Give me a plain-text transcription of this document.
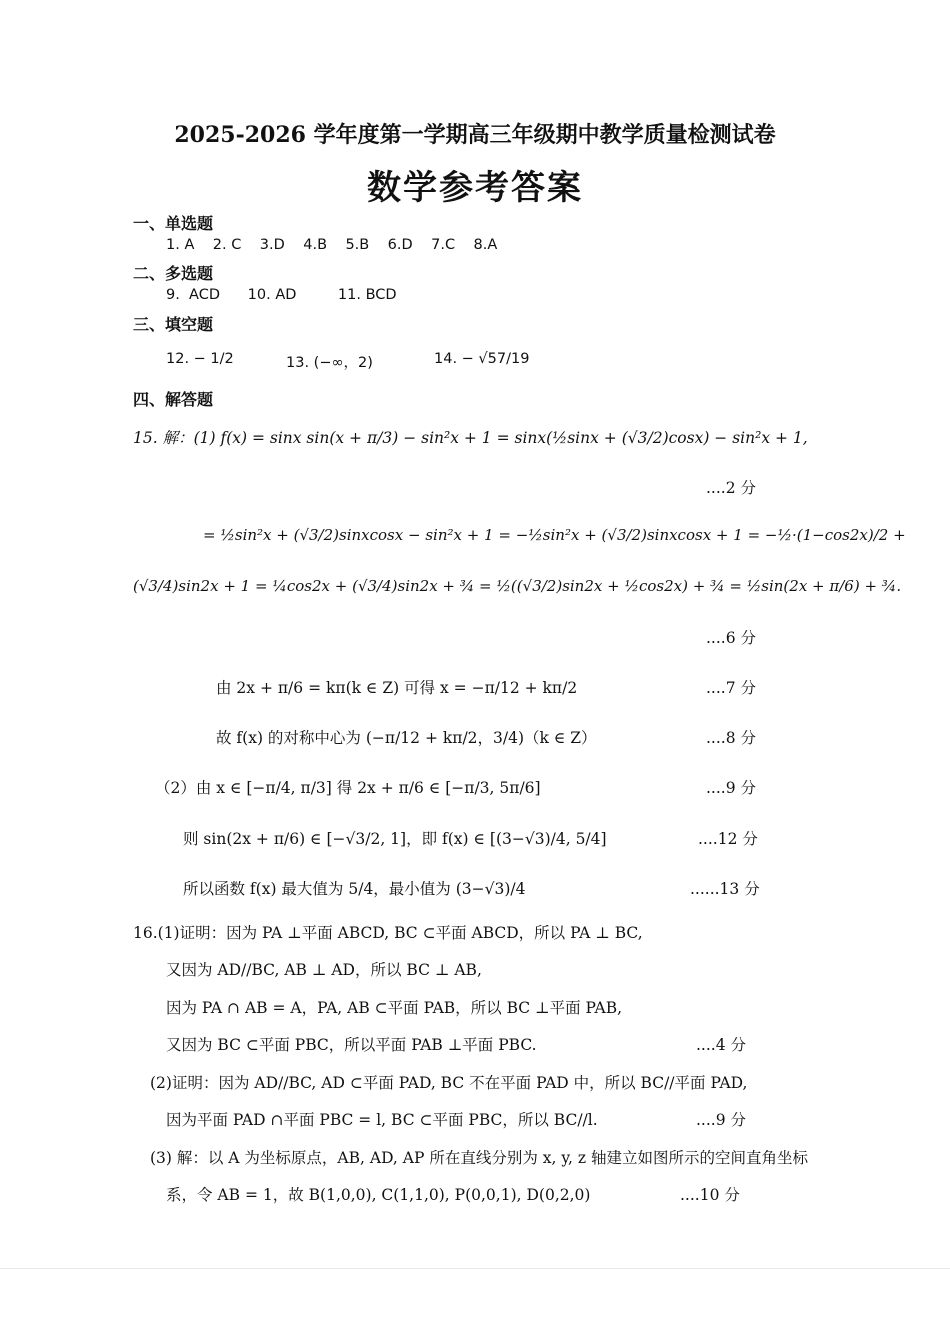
2025-2026 学年度第一学期高三年级期中教学质量检测试卷
数学参考答案
一、单选题
1. A    2. C    3.D    4.B    5.B    6.D    7.C    8.A
二、多选题
9.  ACD      10. AD         11. BCD
三、填空题
12. − 1/2	13. (−∞，2)	14. − √57/19
四、解答题
15. 解：(1) f(x) = sinx sin(x + π/3) − sin²x + 1 = sinx(½sinx + (√3/2)cosx) − sin²x + 1,
....2 分
= ½sin²x + (√3/2)sinxcosx − sin²x + 1 = −½sin²x + (√3/2)sinxcosx + 1 = −½·(1−cos2x)/2 +
(√3/4)sin2x + 1 = ¼cos2x + (√3/4)sin2x + ¾ = ½((√3/2)sin2x + ½cos2x) + ¾ = ½sin(2x + π/6) + ¾.
....6 分
由 2x + π/6 = kπ(k ∈ Z) 可得 x = −π/12 + kπ/2	....7 分
故 f(x) 的对称中心为 (−π/12 + kπ/2，3/4)（k ∈ Z）	....8 分
（2）由 x ∈ [−π/4, π/3] 得 2x + π/6 ∈ [−π/3, 5π/6]	....9 分
则 sin(2x + π/6) ∈ [−√3/2, 1]，即 f(x) ∈ [(3−√3)/4, 5/4]	....12 分
所以函数 f(x) 最大值为 5/4，最小值为 (3−√3)/4	......13 分
16.(1)证明：因为 PA ⊥平面 ABCD, BC ⊂平面 ABCD，所以 PA ⊥ BC,
又因为 AD//BC, AB ⊥ AD，所以 BC ⊥ AB,
因为 PA ∩ AB = A，PA, AB ⊂平面 PAB，所以 BC ⊥平面 PAB,
又因为 BC ⊂平面 PBC，所以平面 PAB ⊥平面 PBC.	....4 分
(2)证明：因为 AD//BC, AD ⊂平面 PAD, BC 不在平面 PAD 中，所以 BC//平面 PAD,
因为平面 PAD ∩平面 PBC = l, BC ⊂平面 PBC，所以 BC//l.	....9 分
(3) 解：以 A 为坐标原点，AB, AD, AP 所在直线分别为 x, y, z 轴建立如图所示的空间直角坐标
系，令 AB = 1，故 B(1,0,0), C(1,1,0), P(0,0,1), D(0,2,0)	....10 分
